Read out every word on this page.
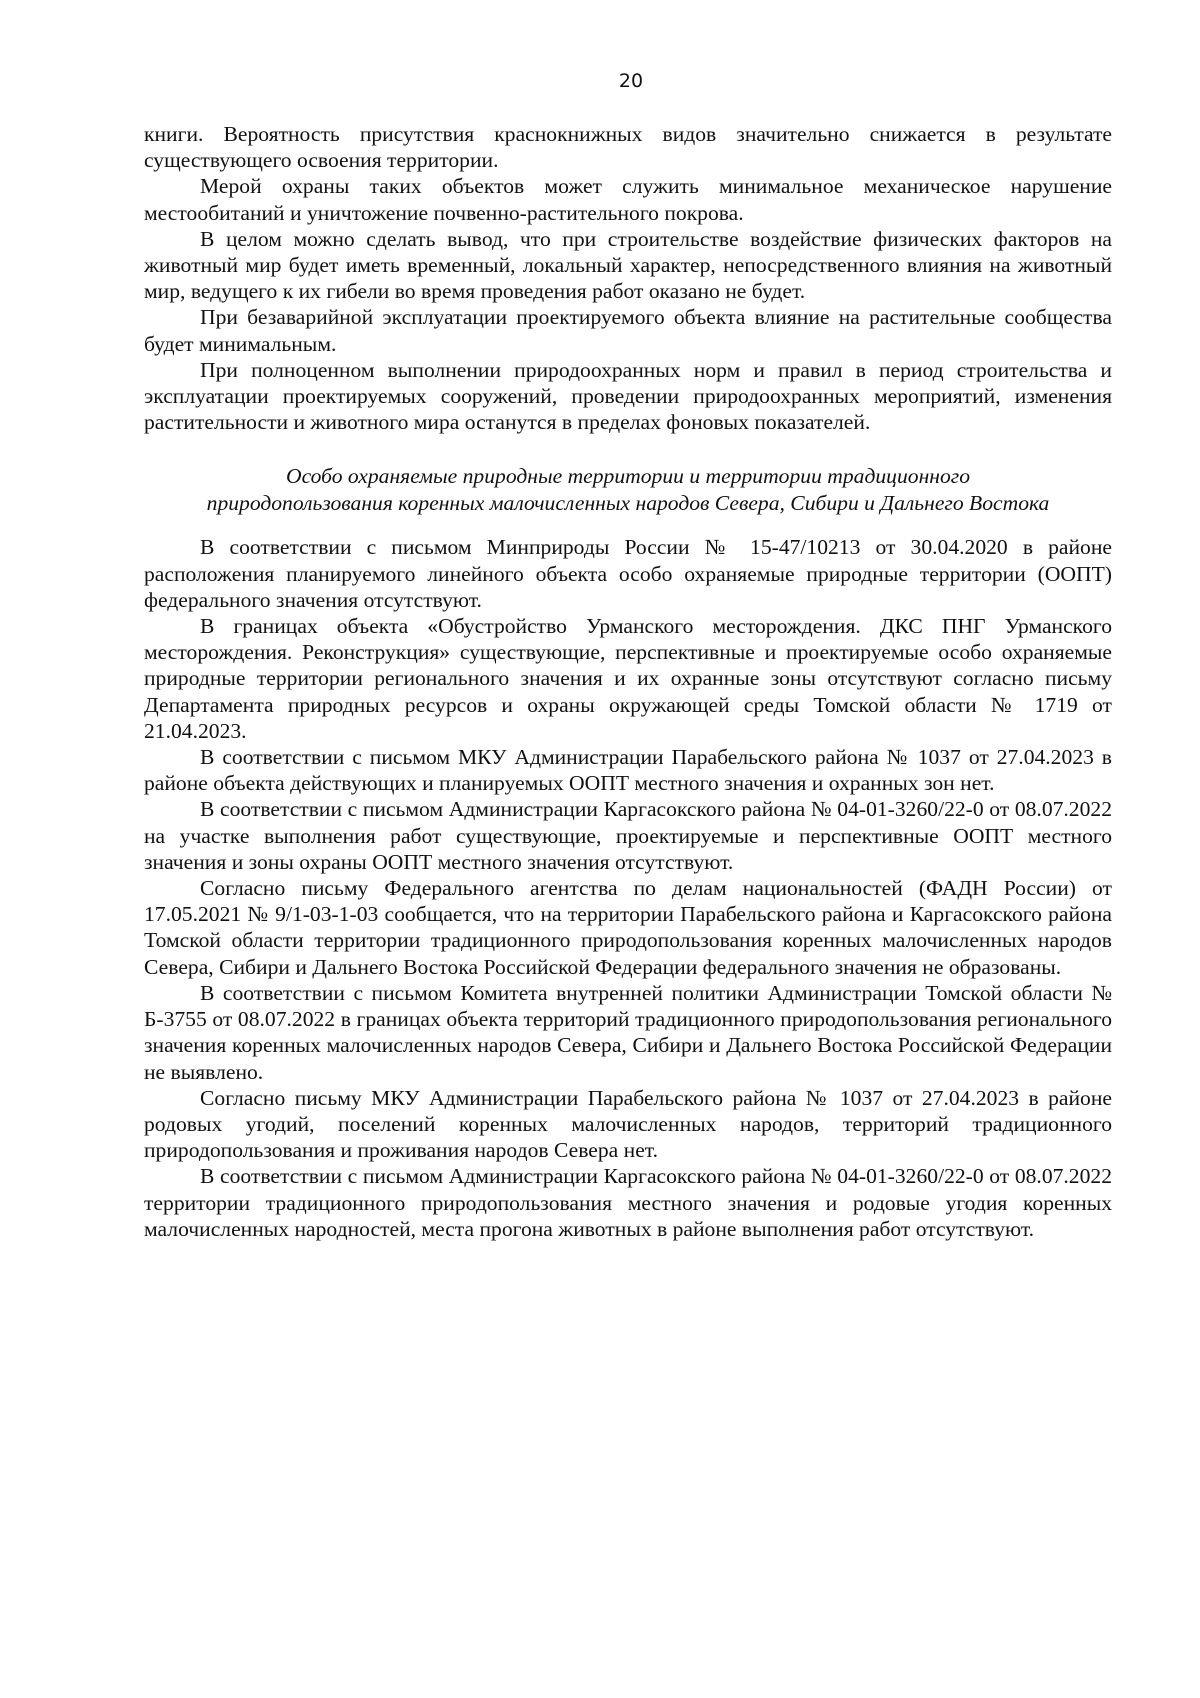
20

книги. Вероятность присутствия краснокнижных видов значительно снижается в результате существующего освоения территории.

Мерой охраны таких объектов может служить минимальное механическое нарушение местообитаний и уничтожение почвенно-растительного покрова.

В целом можно сделать вывод, что при строительстве воздействие физических факторов на животный мир будет иметь временный, локальный характер, непосредственного влияния на животный мир, ведущего к их гибели во время проведения работ оказано не будет.

При безаварийной эксплуатации проектируемого объекта влияние на растительные сообщества будет минимальным.

При полноценном выполнении природоохранных норм и правил в период строительства и эксплуатации проектируемых сооружений, проведении природоохранных мероприятий, изменения растительности и животного мира останутся в пределах фоновых показателей.

Особо охраняемые природные территории и территории традиционного
природопользования коренных малочисленных народов Севера, Сибири и Дальнего Востока

В соответствии с письмом Минприроды России № 15-47/10213 от 30.04.2020 в районе расположения планируемого линейного объекта особо охраняемые природные территории (ООПТ) федерального значения отсутствуют.

В границах объекта «Обустройство Урманского месторождения. ДКС ПНГ Урманского месторождения. Реконструкция» существующие, перспективные и проектируемые особо охраняемые природные территории регионального значения и их охранные зоны отсутствуют согласно письму Департамента природных ресурсов и охраны окружающей среды Томской области № 1719 от 21.04.2023.

В соответствии с письмом МКУ Администрации Парабельского района № 1037 от 27.04.2023 в районе объекта действующих и планируемых ООПТ местного значения и охранных зон нет.

В соответствии с письмом Администрации Каргасокского района № 04-01-3260/22-0 от 08.07.2022 на участке выполнения работ существующие, проектируемые и перспективные ООПТ местного значения и зоны охраны ООПТ местного значения отсутствуют.

Согласно письму Федерального агентства по делам национальностей (ФАДН России) от 17.05.2021 № 9/1-03-1-03 сообщается, что на территории Парабельского района и Каргасокского района Томской области территории традиционного природопользования коренных малочисленных народов Севера, Сибири и Дальнего Востока Российской Федерации федерального значения не образованы.

В соответствии с письмом Комитета внутренней политики Администрации Томской области № Б-3755 от 08.07.2022 в границах объекта территорий традиционного природопользования регионального значения коренных малочисленных народов Севера, Сибири и Дальнего Востока Российской Федерации не выявлено.

Согласно письму МКУ Администрации Парабельского района № 1037 от 27.04.2023 в районе родовых угодий, поселений коренных малочисленных народов, территорий традиционного природопользования и проживания народов Севера нет.

В соответствии с письмом Администрации Каргасокского района № 04-01-3260/22-0 от 08.07.2022 территории традиционного природопользования местного значения и родовые угодия коренных малочисленных народностей, места прогона животных в районе выполнения работ отсутствуют.
